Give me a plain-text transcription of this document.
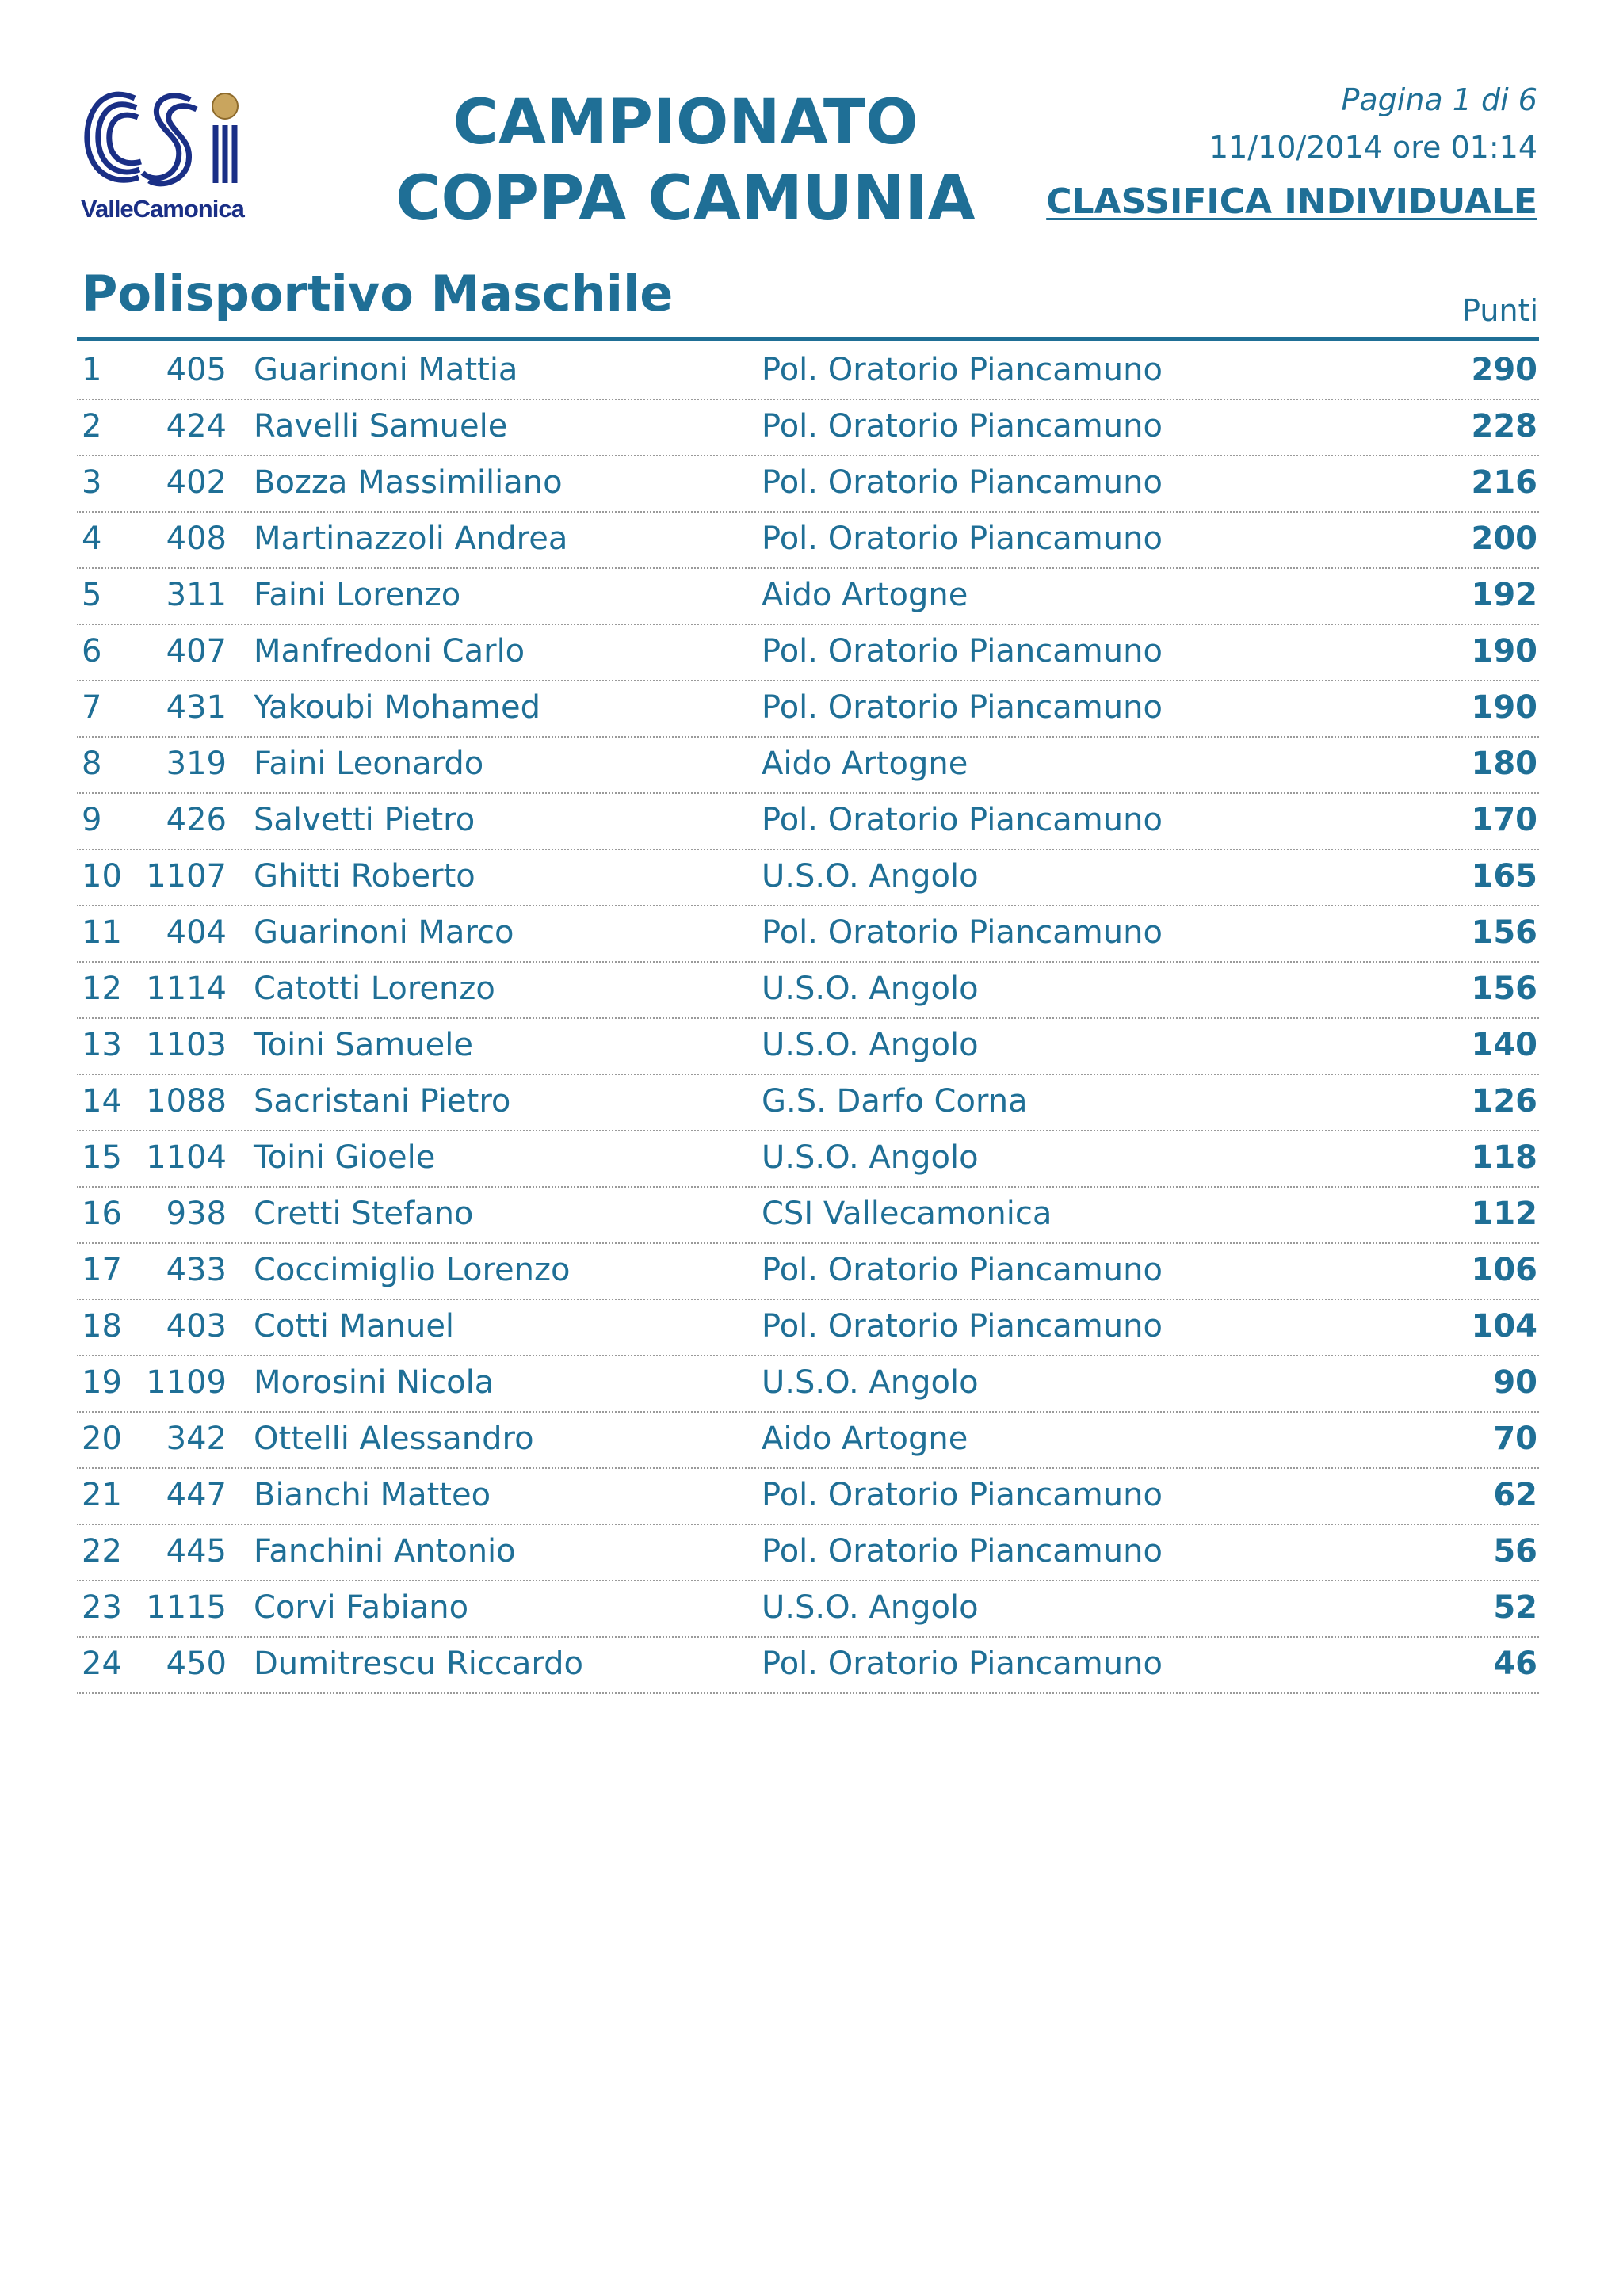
ValleCamonica
CAMPIONATO
COPPA CAMUNIA
Pagina 1 di 6
11/10/2014 ore 01:14
CLASSIFICA INDIVIDUALE
Polisportivo Maschile	Punti
1 405 Guarinoni Mattia	Pol. Oratorio Piancamuno	290
2 424 Ravelli Samuele	Pol. Oratorio Piancamuno	228
3 402 Bozza Massimiliano	Pol. Oratorio Piancamuno	216
4 408 Martinazzoli Andrea	Pol. Oratorio Piancamuno	200
5 311 Faini Lorenzo	Aido Artogne	192
6 407 Manfredoni Carlo	Pol. Oratorio Piancamuno	190
7 431 Yakoubi Mohamed	Pol. Oratorio Piancamuno	190
8 319 Faini Leonardo	Aido Artogne	180
9 426 Salvetti Pietro	Pol. Oratorio Piancamuno	170
10 1107 Ghitti Roberto	U.S.O. Angolo	165
11 404 Guarinoni Marco	Pol. Oratorio Piancamuno	156
12 1114 Catotti Lorenzo	U.S.O. Angolo	156
13 1103 Toini Samuele	U.S.O. Angolo	140
14 1088 Sacristani Pietro	G.S. Darfo Corna	126
15 1104 Toini Gioele	U.S.O. Angolo	118
16 938 Cretti Stefano	CSI Vallecamonica	112
17 433 Coccimiglio Lorenzo	Pol. Oratorio Piancamuno	106
18 403 Cotti Manuel	Pol. Oratorio Piancamuno	104
19 1109 Morosini Nicola	U.S.O. Angolo	90
20 342 Ottelli Alessandro	Aido Artogne	70
21 447 Bianchi Matteo	Pol. Oratorio Piancamuno	62
22 445 Fanchini Antonio	Pol. Oratorio Piancamuno	56
23 1115 Corvi Fabiano	U.S.O. Angolo	52
24 450 Dumitrescu Riccardo	Pol. Oratorio Piancamuno	46
